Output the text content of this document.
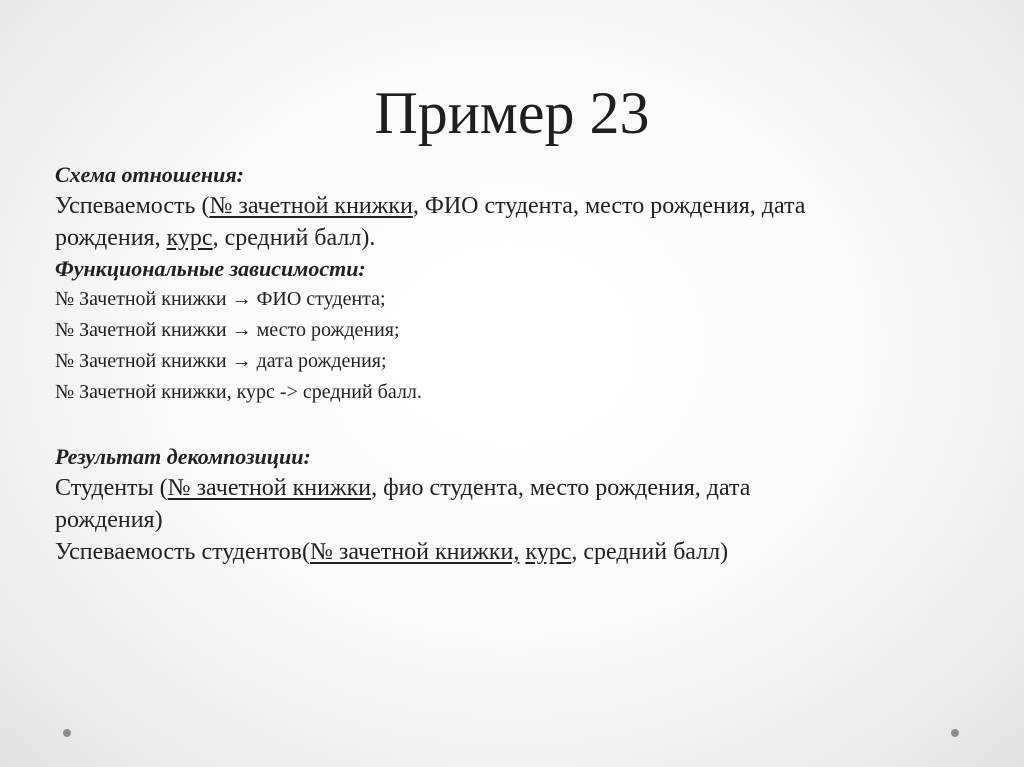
Пример 23
Схема отношения:
Успеваемость (№ зачетной книжки, ФИО студента, место рождения, дата
рождения, курс, средний балл).
Функциональные зависимости:
№ Зачетной книжки → ФИО студента;
№ Зачетной книжки → место рождения;
№ Зачетной книжки → дата рождения;
№ Зачетной книжки, курс -> средний балл.
Результат декомпозиции:
Студенты (№ зачетной книжки, фио студента, место рождения, дата
рождения)
Успеваемость студентов(№ зачетной книжки, курс, средний балл)
